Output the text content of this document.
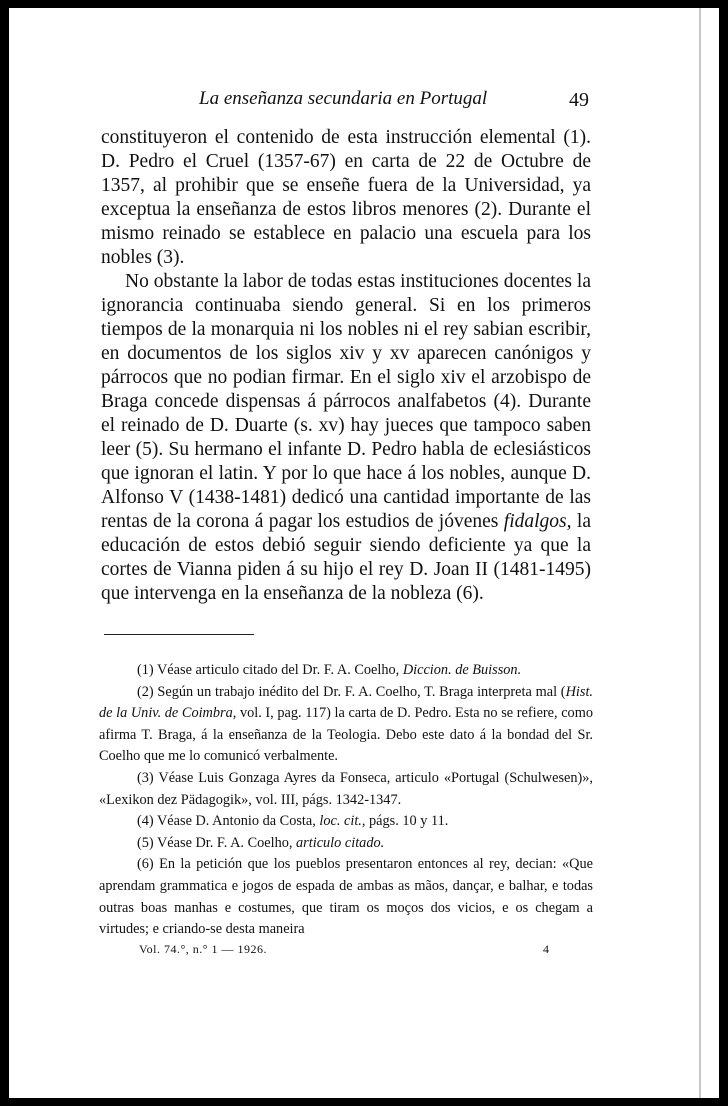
La enseñanza secundaria en Portugal	49

constituyeron el contenido de esta instrucción elemental (1). D. Pedro el Cruel (1357-67) en carta de 22 de Octubre de 1357, al prohibir que se enseñe fuera de la Universidad, ya exceptua la enseñanza de estos libros menores (2). Durante el mismo reinado se establece en palacio una escuela para los nobles (3).

No obstante la labor de todas estas instituciones docentes la ignorancia continuaba siendo general. Si en los primeros tiempos de la monarquia ni los nobles ni el rey sabian escribir, en documentos de los siglos xiv y xv aparecen canónigos y párrocos que no podian firmar. En el siglo xiv el arzobispo de Braga concede dispensas á párrocos analfabetos (4). Durante el reinado de D. Duarte (s. xv) hay jueces que tampoco saben leer (5). Su hermano el infante D. Pedro habla de eclesiásticos que ignoran el latin. Y por lo que hace á los nobles, aunque D. Alfonso V (1438-1481) dedicó una cantidad importante de las rentas de la corona á pagar los estudios de jóvenes fidalgos, la educación de estos debió seguir siendo deficiente ya que la cortes de Vianna piden á su hijo el rey D. Joan II (1481-1495) que intervenga en la enseñanza de la nobleza (6).

(1) Véase articulo citado del Dr. F. A. Coelho, Diccion. de Buisson.

(2) Según un trabajo inédito del Dr. F. A. Coelho, T. Braga interpreta mal (Hist. de la Univ. de Coimbra, vol. I, pag. 117) la carta de D. Pedro. Esta no se refiere, como afirma T. Braga, á la enseñanza de la Teologia. Debo este dato á la bondad del Sr. Coelho que me lo comunicó verbalmente.

(3) Véase Luis Gonzaga Ayres da Fonseca, articulo «Portugal (Schulwesen)», «Lexikon dez Pädagogik», vol. III, págs. 1342-1347.

(4) Véase D. Antonio da Costa, loc. cit., págs. 10 y 11.

(5) Véase Dr. F. A. Coelho, articulo citado.

(6) En la petición que los pueblos presentaron entonces al rey, decian: «Que aprendam grammatica e jogos de espada de ambas as mãos, dançar, e balhar, e todas outras boas manhas e costumes, que tiram os moços dos vicios, e os chegam a virtudes; e criando-se desta maneira

Vol. 74.°, n.° 1 — 1926.	4
